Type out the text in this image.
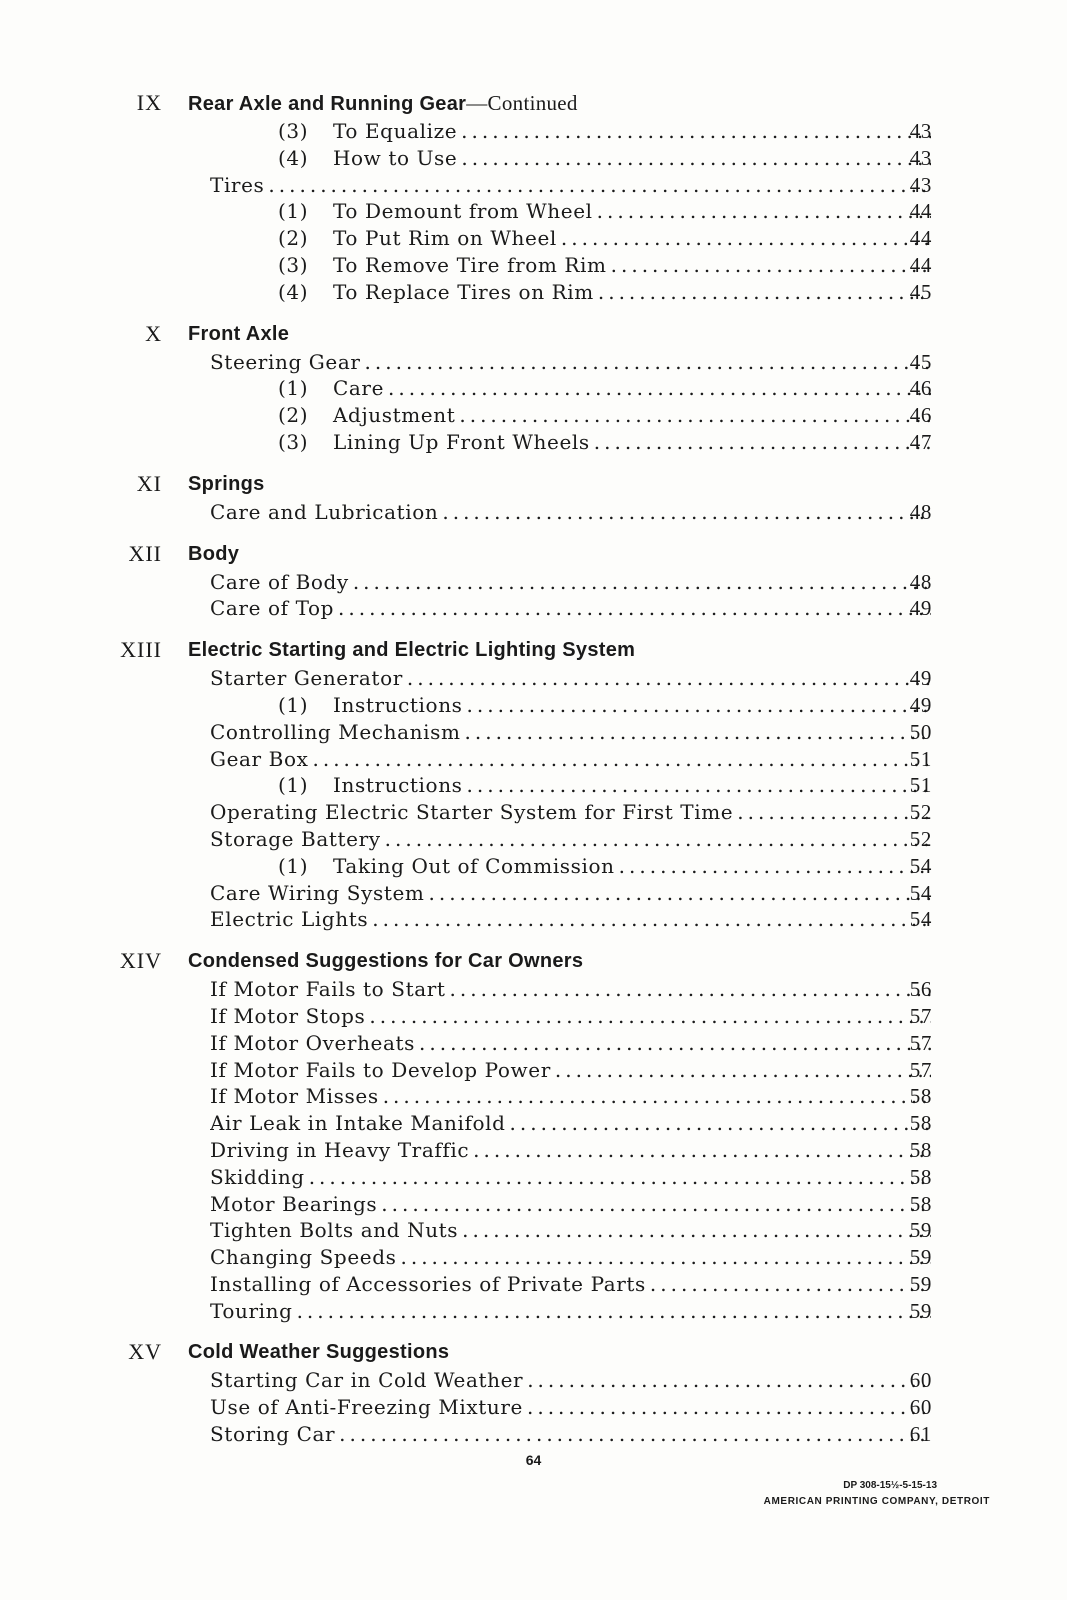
IX Rear Axle and Running Gear—Continued
(3)	To Equalize .....	43
(4)	How to Use .....	43
Tires .....	43
(1)	To Demount from Wheel .....	44
(2)	To Put Rim on Wheel .....	44
(3)	To Remove Tire from Rim .....	44
(4)	To Replace Tires on Rim .....	45
X Front Axle
Steering Gear .....	45
(1)	Care .....	46
(2)	Adjustment .....	46
(3)	Lining Up Front Wheels .....	47
XI Springs
Care and Lubrication .....	48
XII Body
Care of Body .....	48
Care of Top .....	49
XIII Electric Starting and Electric Lighting System
Starter Generator .....	49
(1)	Instructions .....	49
Controlling Mechanism .....	50
Gear Box .....	51
(1)	Instructions .....	51
Operating Electric Starter System for First Time .....	52
Storage Battery .....	52
(1)	Taking Out of Commission .....	54
Care Wiring System .....	54
Electric Lights .....	54
XIV Condensed Suggestions for Car Owners
If Motor Fails to Start .....	56
If Motor Stops .....	57
If Motor Overheats .....	57
If Motor Fails to Develop Power .....	57
If Motor Misses .....	58
Air Leak in Intake Manifold .....	58
Driving in Heavy Traffic .....	58
Skidding .....	58
Motor Bearings .....	58
Tighten Bolts and Nuts .....	59
Changing Speeds .....	59
Installing of Accessories of Private Parts .....	59
Touring .....	59
XV Cold Weather Suggestions
Starting Car in Cold Weather .....	60
Use of Anti-Freezing Mixture .....	60
Storing Car .....	61
64
DP 308-15½-5-15-13
AMERICAN PRINTING COMPANY, DETROIT
